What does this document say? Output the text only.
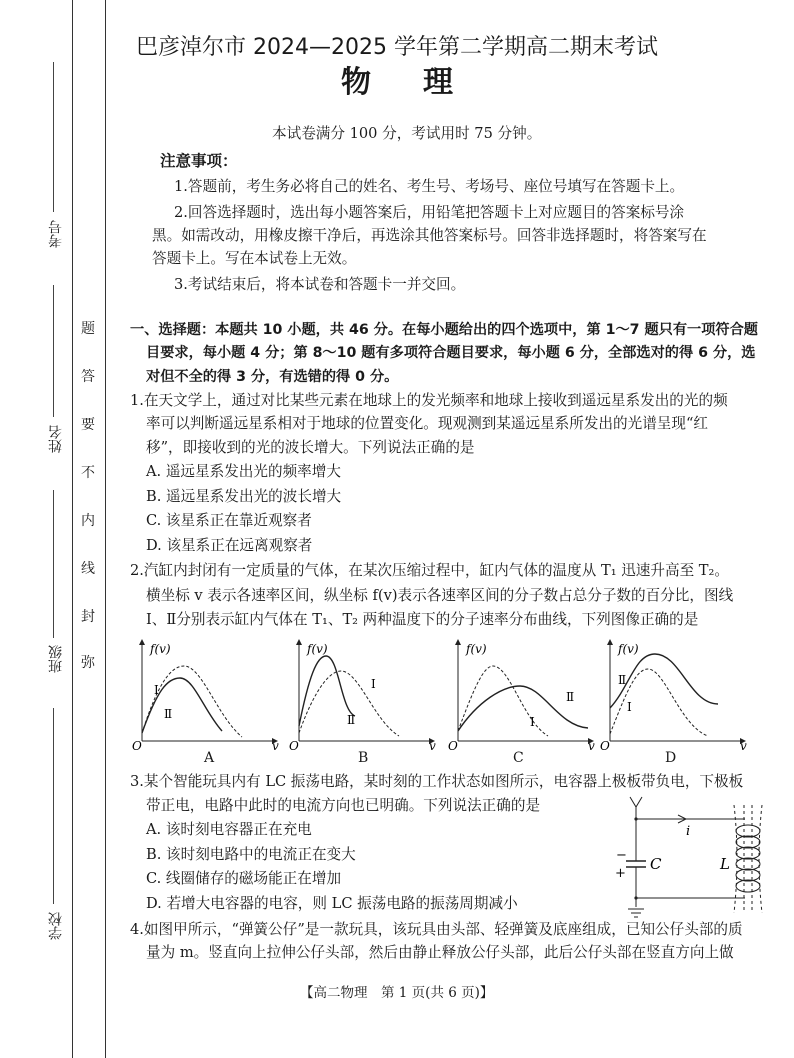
考号
姓名
班级
学校
题
答
要
不
内
线
封
弥
巴彦淖尔市 2024—2025 学年第二学期高二期末考试
物理
本试卷满分 100 分，考试用时 75 分钟。
注意事项：
1.答题前，考生务必将自己的姓名、考生号、考场号、座位号填写在答题卡上。
2.回答选择题时，选出每小题答案后，用铅笔把答题卡上对应题目的答案标号涂
黑。如需改动，用橡皮擦干净后，再选涂其他答案标号。回答非选择题时，将答案写在
答题卡上。写在本试卷上无效。
3.考试结束后，将本试卷和答题卡一并交回。
一、选择题：本题共 10 小题，共 46 分。在每小题给出的四个选项中，第 1～7 题只有一项符合题
目要求，每小题 4 分；第 8～10 题有多项符合题目要求，每小题 6 分，全部选对的得 6 分，选
对但不全的得 3 分，有选错的得 0 分。
1.在天文学上，通过对比某些元素在地球上的发光频率和地球上接收到遥远星系发出的光的频
率可以判断遥远星系相对于地球的位置变化。现观测到某遥远星系所发出的光谱呈现“红
移”，即接收到的光的波长增大。下列说法正确的是
A. 遥远星系发出光的频率增大
B. 遥远星系发出光的波长增大
C. 该星系正在靠近观察者
D. 该星系正在远离观察者
2.汽缸内封闭有一定质量的气体，在某次压缩过程中，缸内气体的温度从 T₁ 迅速升高至 T₂。
横坐标 v 表示各速率区间，纵坐标 f(v)表示各速率区间的分子数占总分子数的百分比，图线
Ⅰ、Ⅱ分别表示缸内气体在 T₁、T₂ 两种温度下的分子速率分布曲线，下列图像正确的是
f(v)
O	v
Ⅰ
Ⅱ
f(v)
O	v
Ⅰ
Ⅱ
f(v)
O	v
Ⅰ
Ⅱ
f(v)
O	v
Ⅰ
Ⅱ
A	B	C	D
3.某个智能玩具内有 LC 振荡电路，某时刻的工作状态如图所示，电容器上极板带负电，下极板
带正电，电路中此时的电流方向也已明确。下列说法正确的是
A. 该时刻电容器正在充电
B. 该时刻电路中的电流正在变大
C. 线圈储存的磁场能正在增加
D. 若增大电容器的电容，则 LC 振荡电路的振荡周期减小
i
C	L
−
+
4.如图甲所示，“弹簧公仔”是一款玩具，该玩具由头部、轻弹簧及底座组成，已知公仔头部的质
量为 m。竖直向上拉伸公仔头部，然后由静止释放公仔头部，此后公仔头部在竖直方向上做
【高二物理　第 1 页(共 6 页)】
